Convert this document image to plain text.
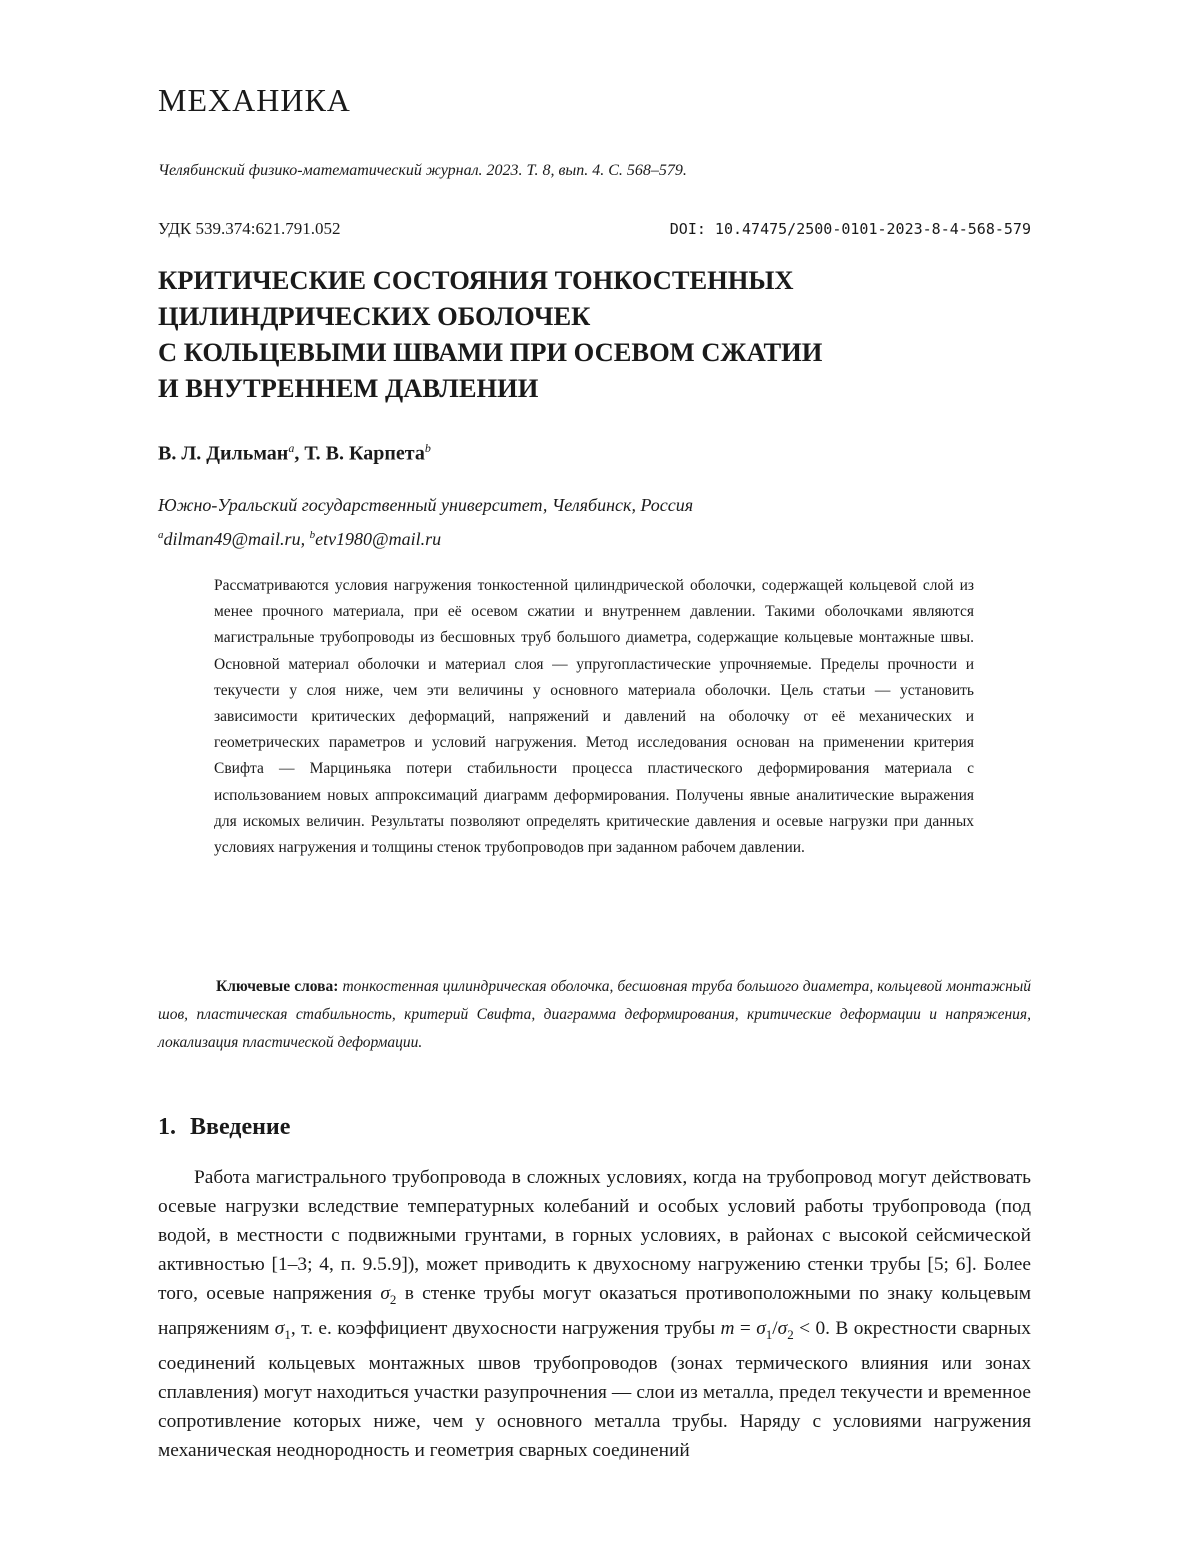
МЕХАНИКА
Челябинский физико-математический журнал. 2023. Т. 8, вып. 4. С. 568–579.
УДК 539.374:621.791.052	DOI: 10.47475/2500-0101-2023-8-4-568-579
КРИТИЧЕСКИЕ СОСТОЯНИЯ ТОНКОСТЕННЫХ
ЦИЛИНДРИЧЕСКИХ ОБОЛОЧЕК
С КОЛЬЦЕВЫМИ ШВАМИ ПРИ ОСЕВОМ СЖАТИИ
И ВНУТРЕННЕМ ДАВЛЕНИИ
В. Л. Дильман$^a$, Т. В. Карпета$^b$
Южно-Уральский государственный университет, Челябинск, Россия
$^a$dilman49@mail.ru, $^b$etv1980@mail.ru

Рассматриваются условия нагружения тонкостенной цилиндрической оболочки, содержащей кольцевой слой из менее прочного материала, при её осевом сжатии и внутреннем давлении. Такими оболочками являются магистральные трубопроводы из бесшовных труб большого диаметра, содержащие кольцевые монтажные швы. Основной материал оболочки и материал слоя — упругопластические упрочняемые. Пределы прочности и текучести у слоя ниже, чем эти величины у основного материала оболочки. Цель статьи — установить зависимости критических деформаций, напряжений и давлений на оболочку от её механических и геометрических параметров и условий нагружения. Метод исследования основан на применении критерия Свифта — Марциньяка потери стабильности процесса пластического деформирования материала с использованием новых аппроксимаций диаграмм деформирования. Получены явные аналитические выражения для искомых величин. Результаты позволяют определять критические давления и осевые нагрузки при данных условиях нагружения и толщины стенок трубопроводов при заданном рабочем давлении.

Ключевые слова: тонкостенная цилиндрическая оболочка, бесшовная труба большого диаметра, кольцевой монтажный шов, пластическая стабильность, критерий Свифта, диаграмма деформирования, критические деформации и напряжения, локализация пластической деформации.

1. Введение

Работа магистрального трубопровода в сложных условиях, когда на трубопровод могут действовать осевые нагрузки вследствие температурных колебаний и особых условий работы трубопровода (под водой, в местности с подвижными грунтами, в горных условиях, в районах с высокой сейсмической активностью [1–3; 4, п. 9.5.9]), может приводить к двухосному нагружению стенки трубы [5; 6]. Более того, осевые напряжения $\sigma_2$ в стенке трубы могут оказаться противоположными по знаку кольцевым напряжениям $\sigma_1$, т. е. коэффициент двухосности нагружения трубы $m = \sigma_1/\sigma_2 < 0$. В окрестности сварных соединений кольцевых монтажных швов трубопроводов (зонах термического влияния или зонах сплавления) могут находиться участки разупрочнения — слои из металла, предел текучести и временное сопротивление которых ниже, чем у основного металла трубы. Наряду с условиями нагружения механическая неоднородность и геометрия сварных соединений
